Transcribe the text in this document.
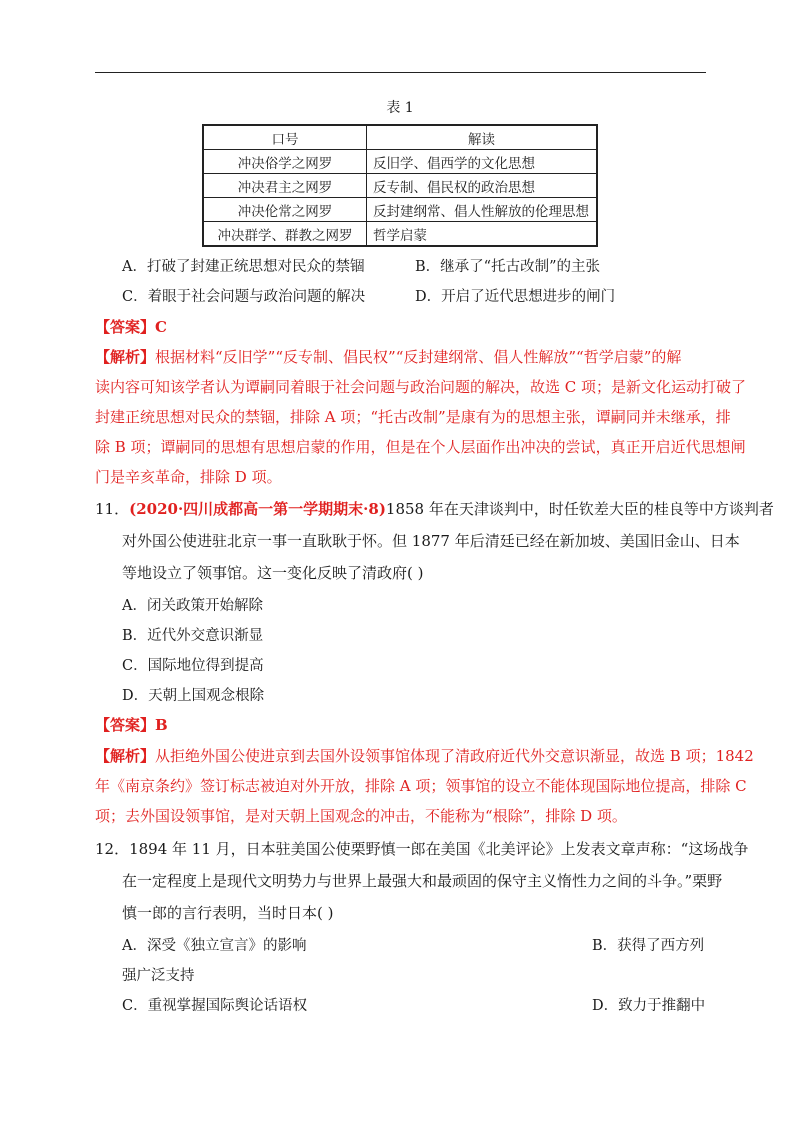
表 1
口号	解读
冲决俗学之网罗	反旧学、倡西学的文化思想
冲决君主之网罗	反专制、倡民权的政治思想
冲决伦常之网罗	反封建纲常、倡人性解放的伦理思想
冲决群学、群教之网罗	哲学启蒙
A．打破了封建正统思想对民众的禁锢	B．继承了“托古改制”的主张
C．着眼于社会问题与政治问题的解决	D．开启了近代思想进步的闸门
【答案】C
【解析】根据材料“反旧学”“反专制、倡民权”“反封建纲常、倡人性解放”“哲学启蒙”的解
读内容可知该学者认为谭嗣同着眼于社会问题与政治问题的解决，故选 C 项；是新文化运动打破了
封建正统思想对民众的禁锢，排除 A 项；“托古改制”是康有为的思想主张，谭嗣同并未继承，排
除 B 项；谭嗣同的思想有思想启蒙的作用，但是在个人层面作出冲决的尝试，真正开启近代思想闸
门是辛亥革命，排除 D 项。
11．(2020·四川成都高一第一学期期末·8)1858 年在天津谈判中，时任钦差大臣的桂良等中方谈判者
对外国公使进驻北京一事一直耿耿于怀。但 1877 年后清廷已经在新加坡、美国旧金山、日本
等地设立了领事馆。这一变化反映了清政府( )
A．闭关政策开始解除
B．近代外交意识渐显
C．国际地位得到提高
D．天朝上国观念根除
【答案】B
【解析】从拒绝外国公使进京到去国外设领事馆体现了清政府近代外交意识渐显，故选 B 项；1842
年《南京条约》签订标志被迫对外开放，排除 A 项；领事馆的设立不能体现国际地位提高，排除 C
项；去外国设领事馆，是对天朝上国观念的冲击，不能称为“根除”，排除 D 项。
12．1894 年 11 月，日本驻美国公使栗野慎一郎在美国《北美评论》上发表文章声称：“这场战争
在一定程度上是现代文明势力与世界上最强大和最顽固的保守主义惰性力之间的斗争。”栗野
慎一郎的言行表明，当时日本( )
A．深受《独立宣言》的影响	B．获得了西方列
强广泛支持
C．重视掌握国际舆论话语权	D．致力于推翻中
